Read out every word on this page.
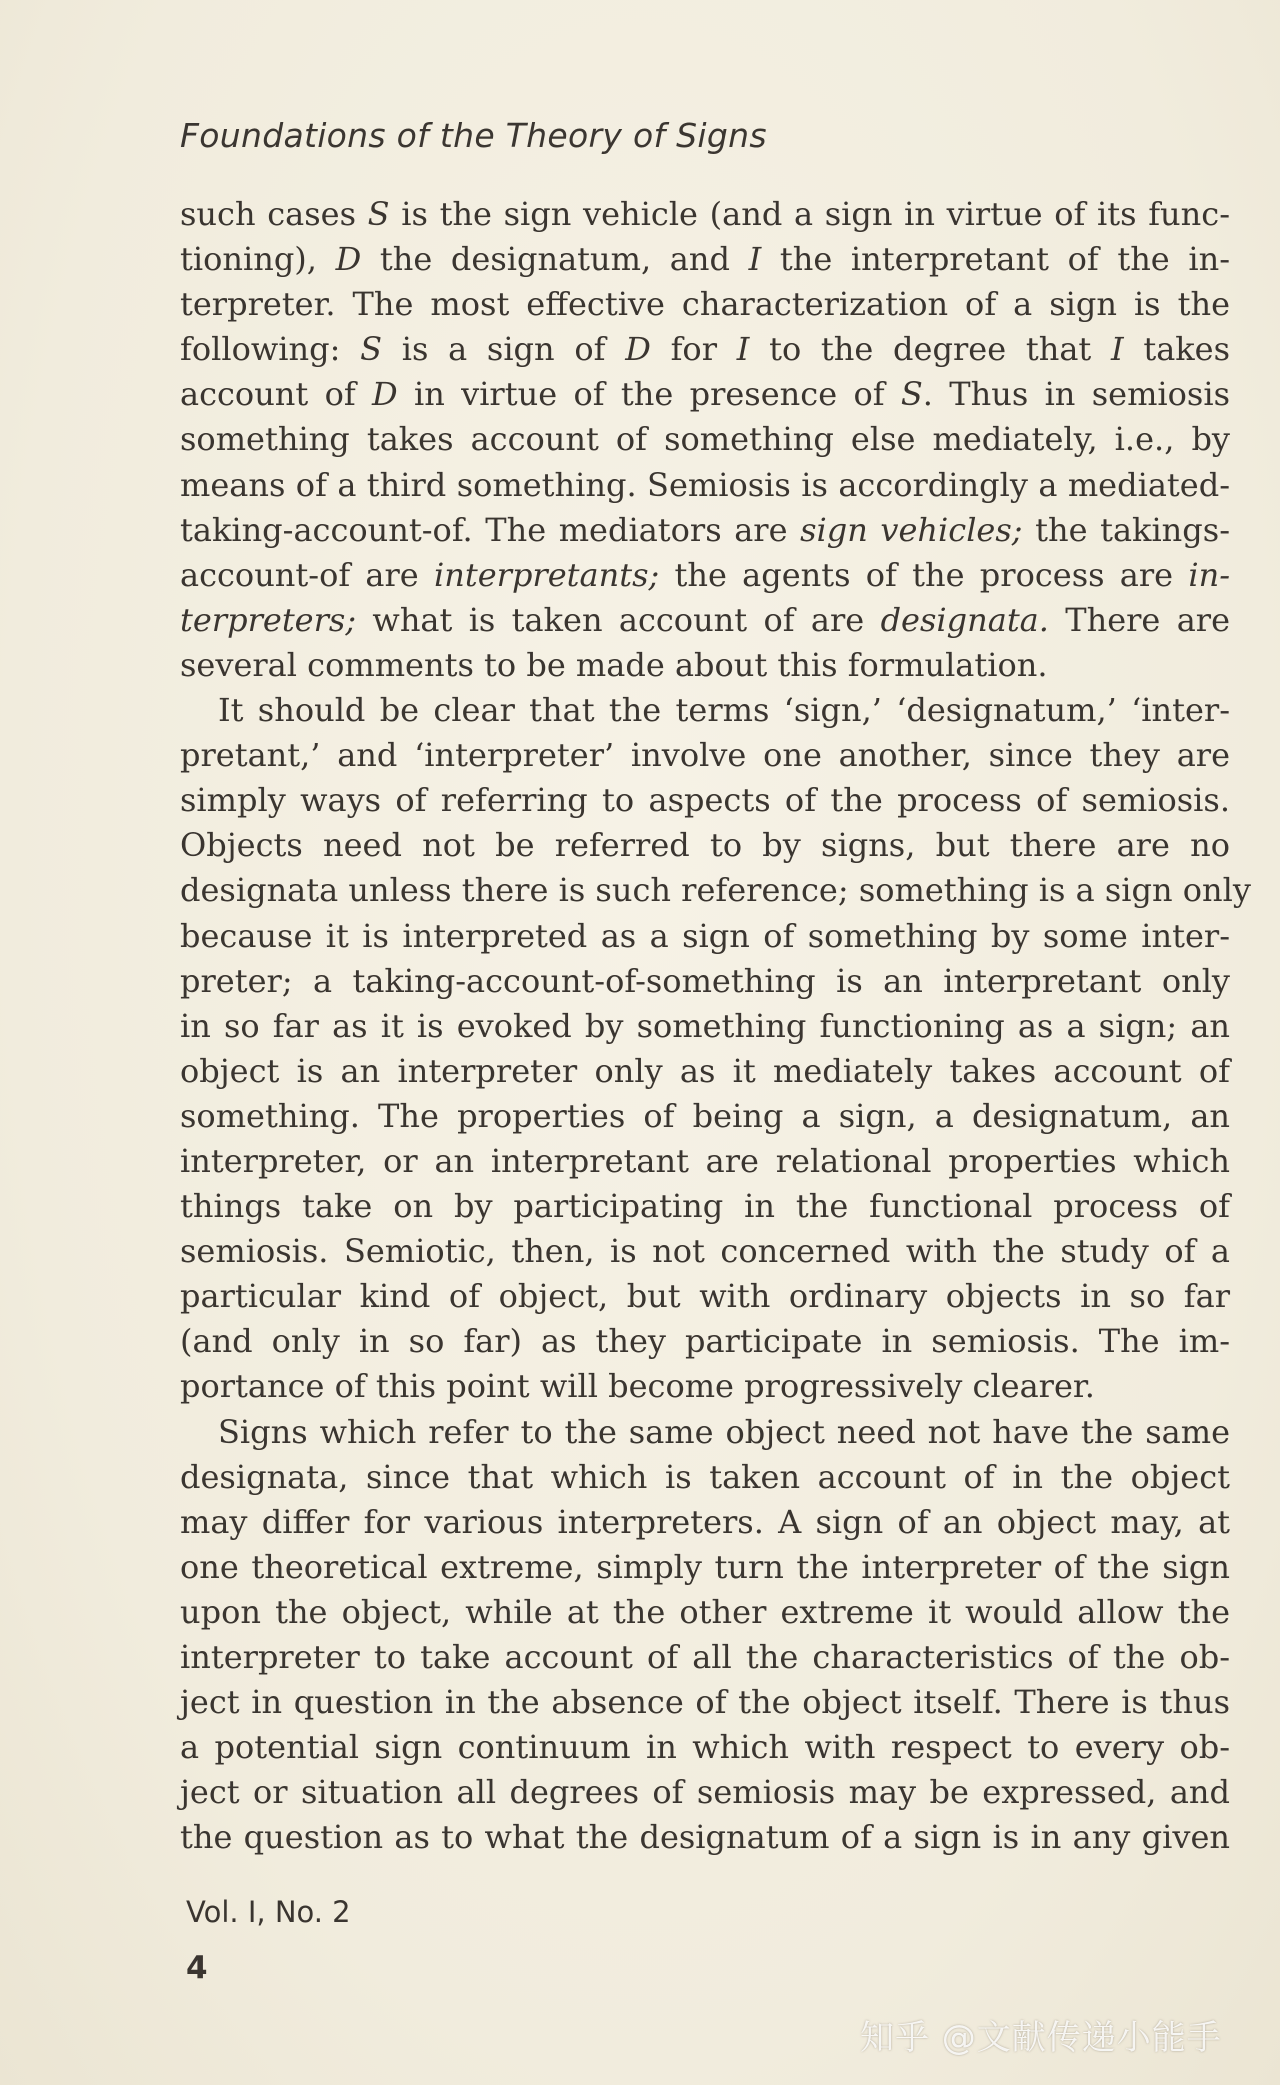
Foundations of the Theory of Signs
such cases S is the sign vehicle (and a sign in virtue of its func-
tioning), D the designatum, and I the interpretant of the in-
terpreter. The most effective characterization of a sign is the
following: S is a sign of D for I to the degree that I takes
account of D in virtue of the presence of S. Thus in semiosis
something takes account of something else mediately, i.e., by
means of a third something. Semiosis is accordingly a mediated-
taking-account-of. The mediators are sign vehicles; the takings-
account-of are interpretants; the agents of the process are in-
terpreters; what is taken account of are designata. There are
several comments to be made about this formulation.
It should be clear that the terms ‘sign,’ ‘designatum,’ ‘inter-
pretant,’ and ‘interpreter’ involve one another, since they are
simply ways of referring to aspects of the process of semiosis.
Objects need not be referred to by signs, but there are no
designata unless there is such reference; something is a sign only
because it is interpreted as a sign of something by some inter-
preter; a taking-account-of-something is an interpretant only
in so far as it is evoked by something functioning as a sign; an
object is an interpreter only as it mediately takes account of
something. The properties of being a sign, a designatum, an
interpreter, or an interpretant are relational properties which
things take on by participating in the functional process of
semiosis. Semiotic, then, is not concerned with the study of a
particular kind of object, but with ordinary objects in so far
(and only in so far) as they participate in semiosis. The im-
portance of this point will become progressively clearer.
Signs which refer to the same object need not have the same
designata, since that which is taken account of in the object
may differ for various interpreters. A sign of an object may, at
one theoretical extreme, simply turn the interpreter of the sign
upon the object, while at the other extreme it would allow the
interpreter to take account of all the characteristics of the ob-
ject in question in the absence of the object itself. There is thus
a potential sign continuum in which with respect to every ob-
ject or situation all degrees of semiosis may be expressed, and
the question as to what the designatum of a sign is in any given
Vol. I, No. 2
4
知乎 @文献传递小能手
